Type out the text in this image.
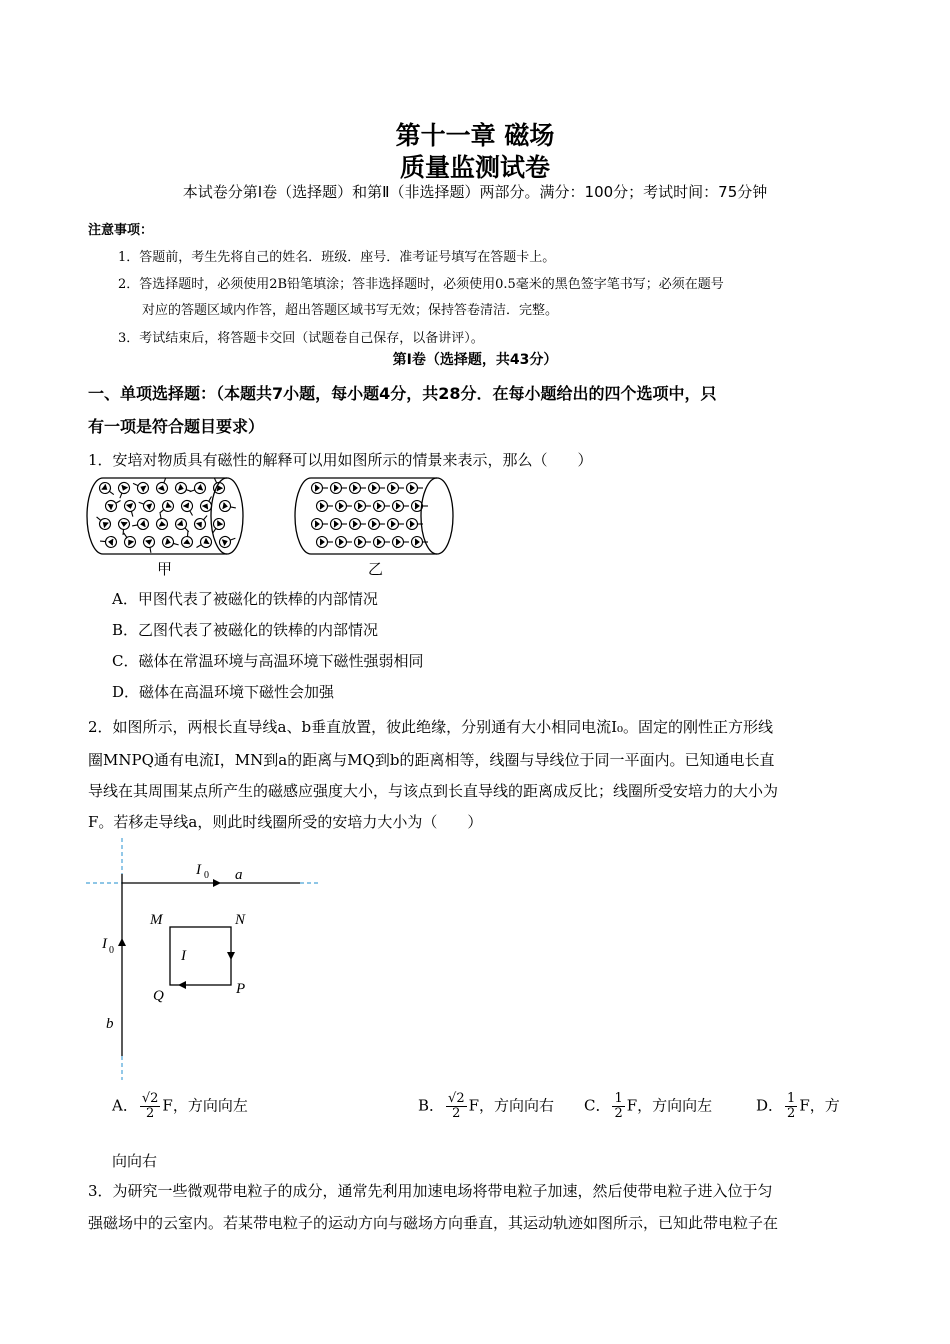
第十一章 磁场
质量监测试卷
本试卷分第Ⅰ卷（选择题）和第Ⅱ（非选择题）两部分。满分：100分；考试时间：75分钟
注意事项：
1．答题前，考生先将自己的姓名．班级．座号．准考证号填写在答题卡上。
2．答选择题时，必须使用2B铅笔填涂；答非选择题时，必须使用0.5毫米的黑色签字笔书写；必须在题号
对应的答题区域内作答，超出答题区域书写无效；保持答卷清洁．完整。
3．考试结束后，将答题卡交回（试题卷自己保存，以备讲评）。
第Ⅰ卷（选择题，共43分）
一、单项选择题：（本题共7小题，每小题4分，共28分．在每小题给出的四个选项中，只
有一项是符合题目要求）
1．安培对物质具有磁性的解释可以用如图所示的情景来表示，那么（　　）
甲	乙
A．甲图代表了被磁化的铁棒的内部情况
B．乙图代表了被磁化的铁棒的内部情况
C．磁体在常温环境与高温环境下磁性强弱相同
D．磁体在高温环境下磁性会加强
2．如图所示，两根长直导线a、b垂直放置，彼此绝缘，分别通有大小相同电流I₀。固定的刚性正方形线
圈MNPQ通有电流I，MN到a的距离与MQ到b的距离相等，线圈与导线位于同一平面内。已知通电长直
导线在其周围某点所产生的磁感应强度大小，与该点到长直导线的距离成反比；线圈所受安培力的大小为
F。若移走导线a，则此时线圈所受的安培力大小为（　　）
I 0 a
I 0
b
M	N
P
Q
I
A． $\frac{√2}{2}$ F，方向向左	B． $\frac{√2}{2}$ F，方向向右 C． $\frac{1}{2}$ F，方向向左	D． $\frac{1}{2}$ F，方
向向右
3．为研究一些微观带电粒子的成分，通常先利用加速电场将带电粒子加速，然后使带电粒子进入位于匀
强磁场中的云室内。若某带电粒子的运动方向与磁场方向垂直，其运动轨迹如图所示，已知此带电粒子在
